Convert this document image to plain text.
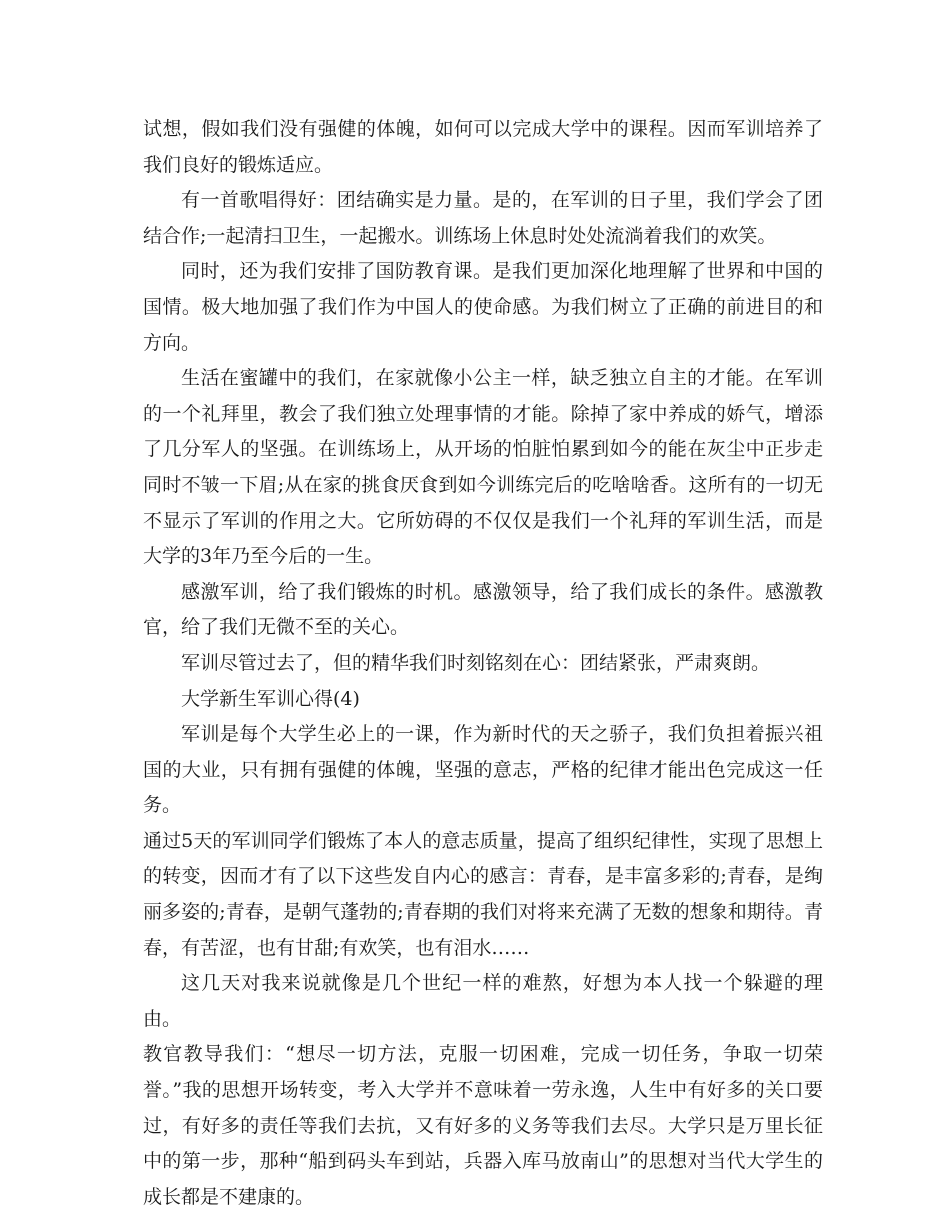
试想，假如我们没有强健的体魄，如何可以完成大学中的课程。因而军训培养了我们良好的锻炼适应。

有一首歌唱得好：团结确实是力量。是的，在军训的日子里，我们学会了团结合作;一起清扫卫生，一起搬水。训练场上休息时处处流淌着我们的欢笑。

同时，还为我们安排了国防教育课。是我们更加深化地理解了世界和中国的国情。极大地加强了我们作为中国人的使命感。为我们树立了正确的前进目的和方向。

生活在蜜罐中的我们，在家就像小公主一样，缺乏独立自主的才能。在军训的一个礼拜里，教会了我们独立处理事情的才能。除掉了家中养成的娇气，增添了几分军人的坚强。在训练场上，从开场的怕脏怕累到如今的能在灰尘中正步走同时不皱一下眉;从在家的挑食厌食到如今训练完后的吃啥啥香。这所有的一切无不显示了军训的作用之大。它所妨碍的不仅仅是我们一个礼拜的军训生活，而是大学的3年乃至今后的一生。

感激军训，给了我们锻炼的时机。感激领导，给了我们成长的条件。感激教官，给了我们无微不至的关心。

军训尽管过去了，但的精华我们时刻铭刻在心：团结紧张，严肃爽朗。

大学新生军训心得(4)

军训是每个大学生必上的一课，作为新时代的天之骄子，我们负担着振兴祖国的大业，只有拥有强健的体魄，坚强的意志，严格的纪律才能出色完成这一任务。

通过5天的军训同学们锻炼了本人的意志质量，提高了组织纪律性，实现了思想上的转变，因而才有了以下这些发自内心的感言：青春，是丰富多彩的;青春，是绚丽多姿的;青春，是朝气蓬勃的;青春期的我们对将来充满了无数的想象和期待。青春，有苦涩，也有甘甜;有欢笑，也有泪水……

这几天对我来说就像是几个世纪一样的难熬，好想为本人找一个躲避的理由。

教官教导我们：“想尽一切方法，克服一切困难，完成一切任务，争取一切荣誉。”我的思想开场转变，考入大学并不意味着一劳永逸，人生中有好多的关口要过，有好多的责任等我们去抗，又有好多的义务等我们去尽。大学只是万里长征中的第一步，那种“船到码头车到站，兵器入库马放南山”的思想对当代大学生的成长都是不建康的。
